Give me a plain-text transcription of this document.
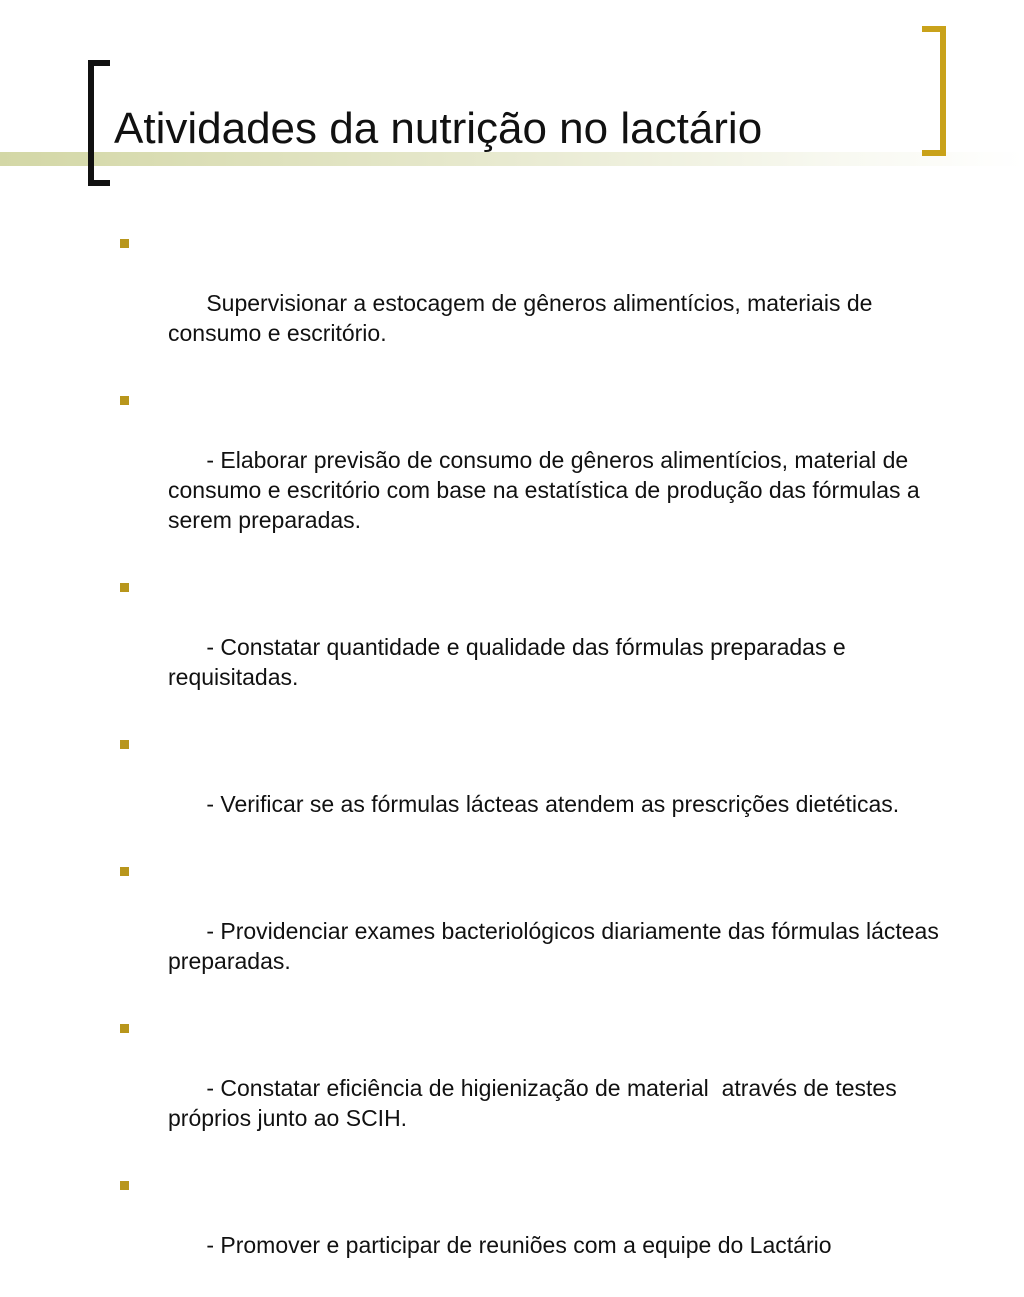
Atividades da nutrição no lactário

Supervisionar a estocagem de gêneros alimentícios, materiais de consumo e escritório.

- Elaborar previsão de consumo de gêneros alimentícios, material de consumo e escritório com base na estatística de produção das fórmulas a serem preparadas.

- Constatar quantidade e qualidade das fórmulas preparadas e requisitadas.

- Verificar se as fórmulas lácteas atendem as prescrições dietéticas.

- Providenciar exames bacteriológicos diariamente das fórmulas lácteas preparadas.

- Constatar eficiência de higienização de material  através de testes próprios junto ao SCIH.

- Promover e participar de reuniões com a equipe do Lactário
